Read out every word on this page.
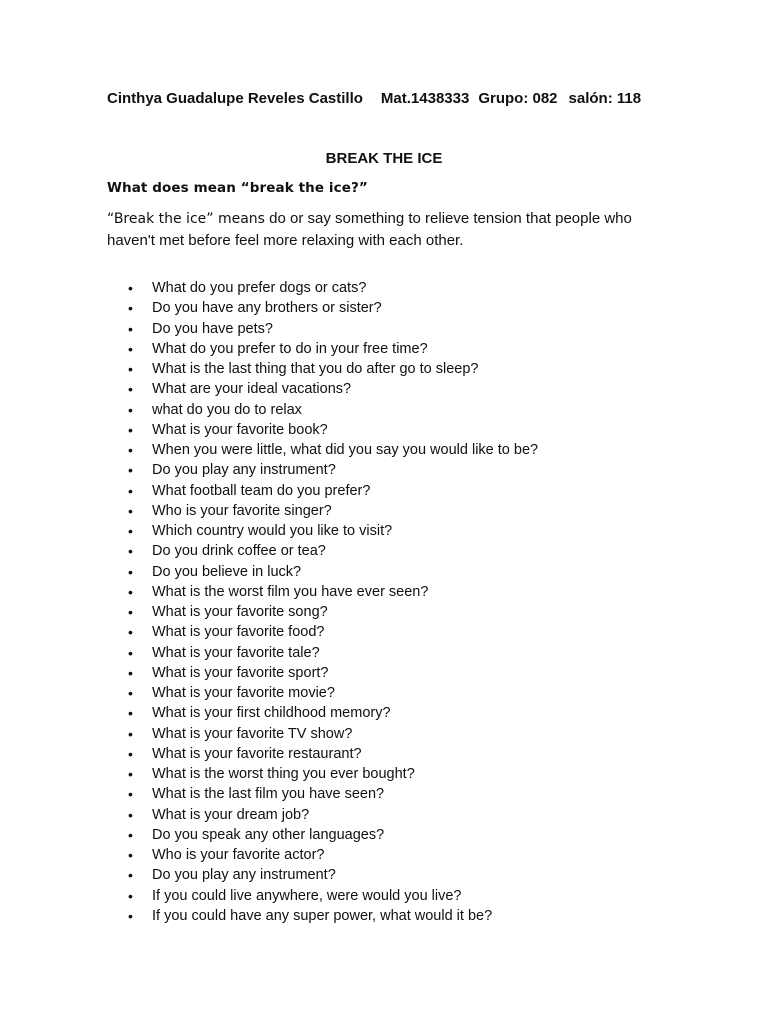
Cinthya Guadalupe Reveles Castillo Mat.1438333 Grupo: 082 salón: 118
BREAK THE ICE
What does mean “break the ice?”
“Break the ice” means do or say something to relieve tension that people who haven't met before feel more relaxing with each other.
• What do you prefer dogs or cats?
• Do you have any brothers or sister?
• Do you have pets?
• What do you prefer to do in your free time?
• What is the last thing that you do after go to sleep?
• What are your ideal vacations?
• what do you do to relax
• What is your favorite book?
• When you were little, what did you say you would like to be?
• Do you play any instrument?
• What football team do you prefer?
• Who is your favorite singer?
• Which country would you like to visit?
• Do you drink coffee or tea?
• Do you believe in luck?
• What is the worst film you have ever seen?
• What is your favorite song?
• What is your favorite food?
• What is your favorite tale?
• What is your favorite sport?
• What is your favorite movie?
• What is your first childhood memory?
• What is your favorite TV show?
• What is your favorite restaurant?
• What is the worst thing you ever bought?
• What is the last film you have seen?
• What is your dream job?
• Do you speak any other languages?
• Who is your favorite actor?
• Do you play any instrument?
• If you could live anywhere, were would you live?
• If you could have any super power, what would it be?
